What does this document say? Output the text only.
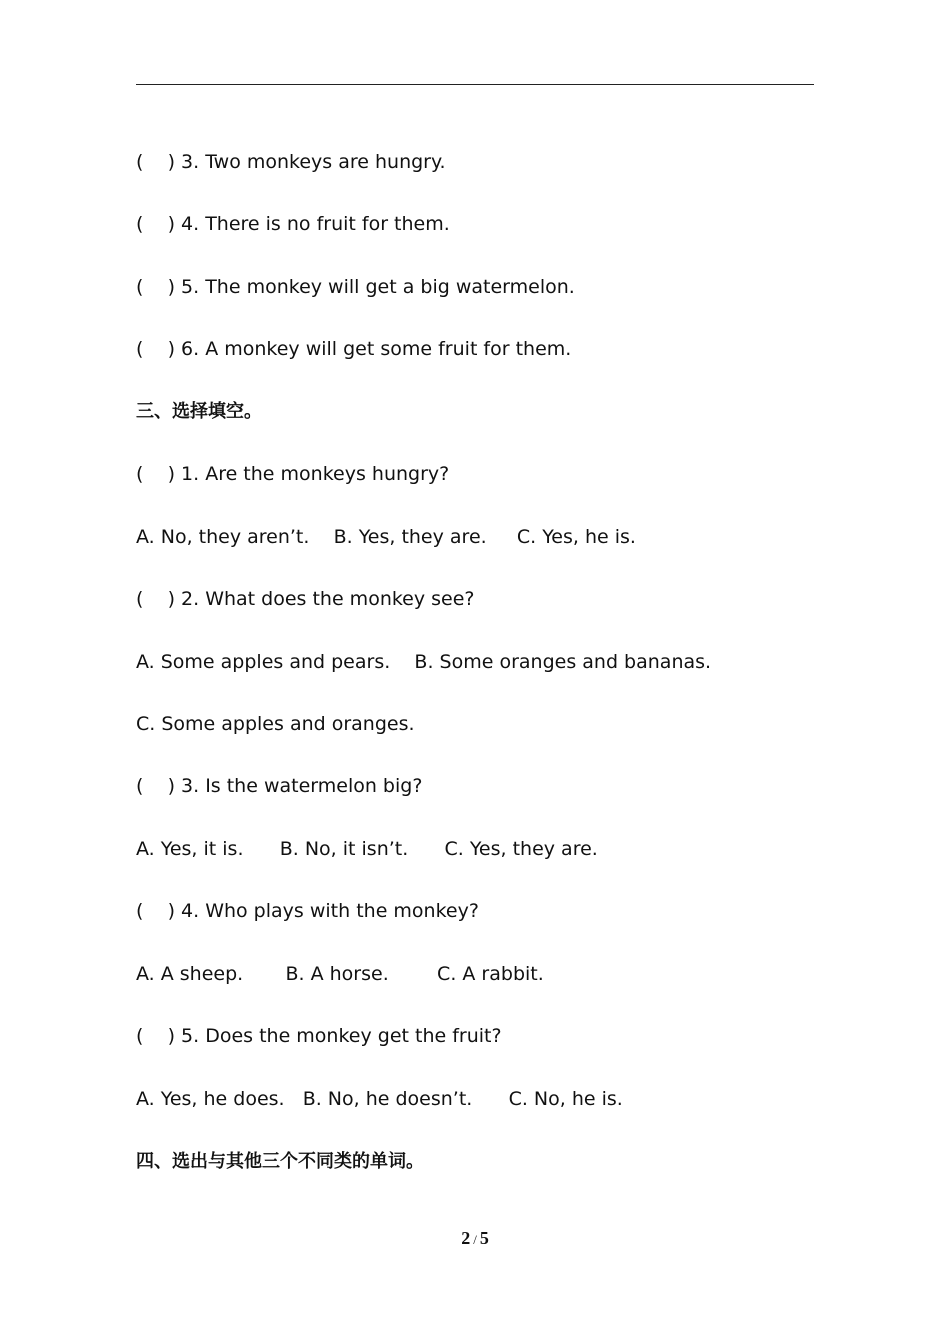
(    ) 3. Two monkeys are hungry.
(    ) 4. There is no fruit for them.
(    ) 5. The monkey will get a big watermelon.
(    ) 6. A monkey will get some fruit for them.
三、选择填空。
(    ) 1. Are the monkeys hungry?
A. No, they aren’t.    B. Yes, they are.     C. Yes, he is.
(    ) 2. What does the monkey see?
A. Some apples and pears.    B. Some oranges and bananas.
C. Some apples and oranges.
(    ) 3. Is the watermelon big?
A. Yes, it is.      B. No, it isn’t.      C. Yes, they are.
(    ) 4. Who plays with the monkey?
A. A sheep.       B. A horse.        C. A rabbit.
(    ) 5. Does the monkey get the fruit?
A. Yes, he does.   B. No, he doesn’t.      C. No, he is.
四、选出与其他三个不同类的单词。
2 / 5
